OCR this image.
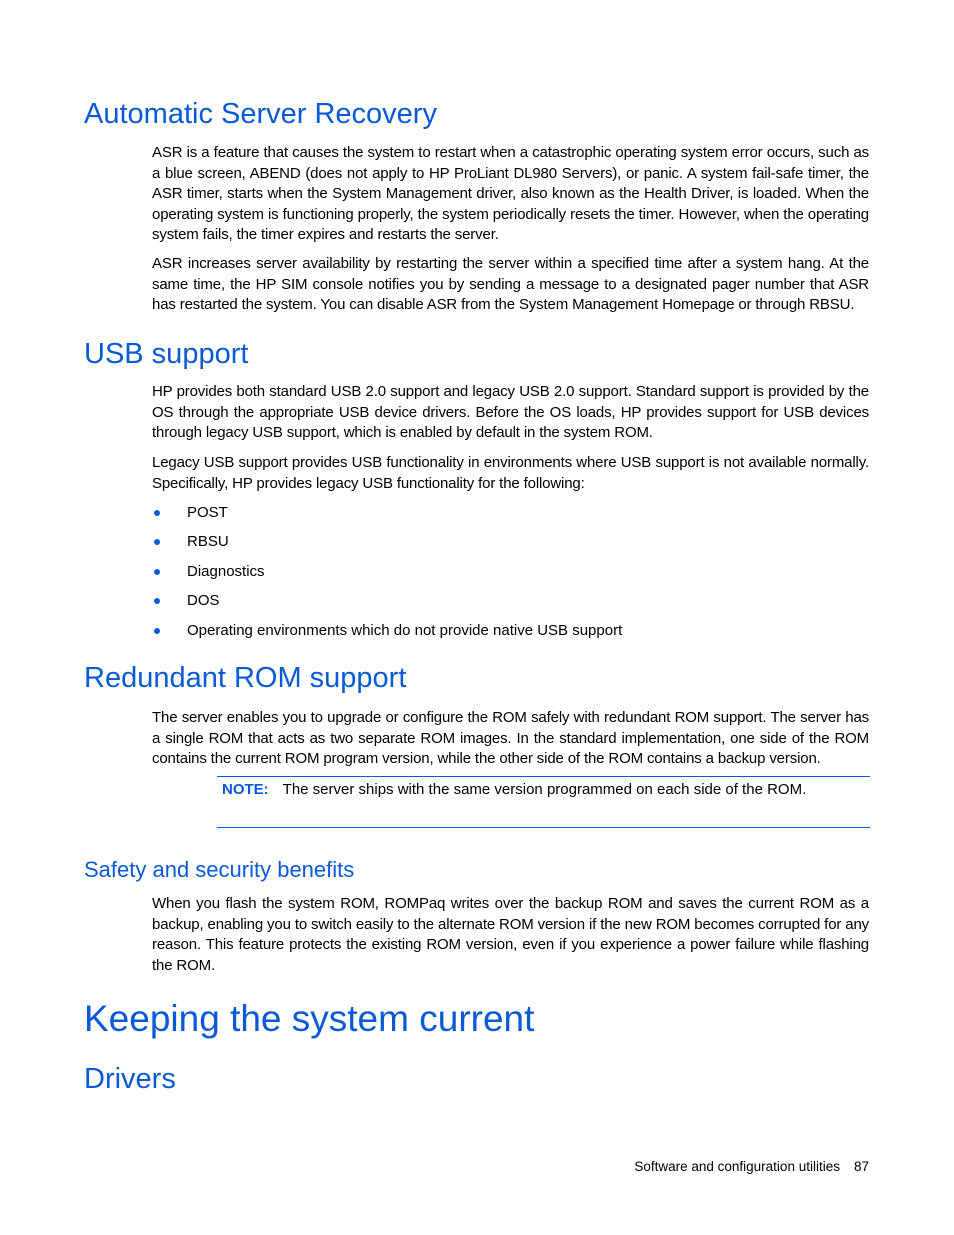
Automatic Server Recovery

ASR is a feature that causes the system to restart when a catastrophic operating system error occurs, such as a blue screen, ABEND (does not apply to HP ProLiant DL980 Servers), or panic. A system fail-safe timer, the ASR timer, starts when the System Management driver, also known as the Health Driver, is loaded. When the operating system is functioning properly, the system periodically resets the timer. However, when the operating system fails, the timer expires and restarts the server.

ASR increases server availability by restarting the server within a specified time after a system hang. At the same time, the HP SIM console notifies you by sending a message to a designated pager number that ASR has restarted the system. You can disable ASR from the System Management Homepage or through RBSU.

USB support

HP provides both standard USB 2.0 support and legacy USB 2.0 support. Standard support is provided by the OS through the appropriate USB device drivers. Before the OS loads, HP provides support for USB devices through legacy USB support, which is enabled by default in the system ROM.

Legacy USB support provides USB functionality in environments where USB support is not available normally. Specifically, HP provides legacy USB functionality for the following:

POST
RBSU
Diagnostics
DOS
Operating environments which do not provide native USB support
Redundant ROM support

The server enables you to upgrade or configure the ROM safely with redundant ROM support. The server has a single ROM that acts as two separate ROM images. In the standard implementation, one side of the ROM contains the current ROM program version, while the other side of the ROM contains a backup version.

NOTE: The server ships with the same version programmed on each side of the ROM.
Safety and security benefits

When you flash the system ROM, ROMPaq writes over the backup ROM and saves the current ROM as a backup, enabling you to switch easily to the alternate ROM version if the new ROM becomes corrupted for any reason. This feature protects the existing ROM version, even if you experience a power failure while flashing the ROM.

Keeping the system current
Drivers
Software and configuration utilities 87
